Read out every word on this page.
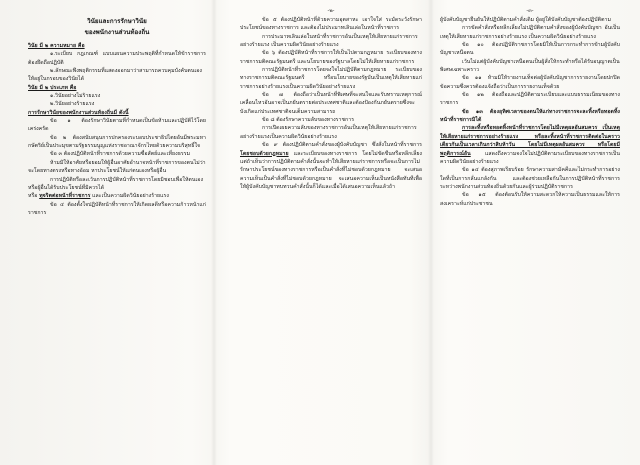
วินัยและการรักษาวินัย
ของพนักงานส่วนท้องถิ่น

วินัย มี ๒ ความหมาย คือ

๑.ระเบียบ กฎเกณฑ์ แบบแผนความประพฤติที่กำหนดให้ข้าราชการต้องยึดถือปฏิบัติ

๒.ลักษณะพึงพฤติกรรมที่แสดงออกมาว่าสามารถควบคุมบังคับตนเองให้อยู่ในกรอบของวินัยได้

วินัย มี ๒ ประเภท คือ

๑.วินัยอย่างไม่ร้ายแรง

๒.วินัยอย่างร้ายแรง

การรักษาวินัยของพนักงานส่วนท้องถิ่นมี ดังนี้

ข้อ ๑ ต้องรักษาวินัยตามที่กำหนดเป็นข้อห้ามและปฏิบัติไว้โดยเคร่งครัด

ข้อ ๒ ต้องสนับสนุนการปกครองระบอบประชาธิปไตยอันมีพระมหากษัตริย์เป็นประมุขตามรัฐธรรมนูญแห่งราชอาณาจักรไทยด้วยความบริสุทธิ์ใจ

ข้อ ๓ ต้องปฏิบัติหน้าที่ราชการด้วยความซื่อสัตย์และเที่ยงธรรม

ห้ามมิให้อาศัยหรือยอมให้ผู้อื่นอาศัยอำนาจหน้าที่ราชการของตนไม่ว่าจะโดยทางตรงหรือทางอ้อม หาประโยชน์ให้แก่ตนเองหรือผู้อื่น

การปฏิบัติหรือละเว้นการปฏิบัติหน้าที่ราชการโดยมิชอบเพื่อให้ตนเองหรือผู้อื่นได้รับประโยชน์ที่มิควรได้

หรือ ทุจริตต่อหน้าที่ราชการ และเป็นความผิดวินัยอย่างร้ายแรง

ข้อ ๔ ต้องตั้งใจปฏิบัติหน้าที่ราชการให้เกิดผลดีหรือความก้าวหน้าแก่ราชการ

-๒-

ข้อ ๕ ต้องปฏิบัติหน้าที่ด้วยความอุตสาหะ เอาใจใส่ ระมัดระวังรักษาประโยชน์ของทางราชการ และต้องไม่ประมาทเลินเล่อในหน้าที่ราชการ

การประมาทเลินเล่อในหน้าที่ราชการอันเป็นเหตุให้เสียหายแก่ราชการอย่างร้ายแรง เป็นความผิดวินัยอย่างร้ายแรง

ข้อ ๖ ต้องปฏิบัติหน้าที่ราชการให้เป็นไปตามกฎหมาย ระเบียบของทางราชการมติคณะรัฐมนตรี และนโยบายของรัฐบาลโดยไม่ให้เสียหายแก่ราชการ

การปฏิบัติหน้าที่ราชการโดยจงใจไม่ปฏิบัติตามกฎหมาย ระเบียบของทางราชการมติคณะรัฐมนตรี หรือนโยบายของรัฐบันเป็นเหตุให้เสียหายแก่ราชการอย่างร้ายแรงเป็นความผิดวินัยอย่างร้ายแรง

ข้อ ๗ ต้องถือว่าเป็นหน้าที่พิเศษที่จะสนใจและรับทราบเหตุการณ์เคลื่อนไหวอันอาจเป็นภยันตรายต่อประเทศชาติและต้องป้องกันภยันตรายซึ่งจะบังเกิดแก่ประเทศชาติจนเต็มความสามารถ

ข้อ ๘ ต้องรักษาความลับของทางราชการ

การเปิดเผยความลับของทางราชการอันเป็นเหตุให้เสียหายแก่ราชการอย่างร้ายแรงเป็นความผิดวินัยอย่างร้ายแรง

ข้อ ๙ ต้องปฏิบัติตามคำสั่งของผู้บังคับบัญชา ซึ่งสั่งในหน้าที่ราชการ โดยชอบด้วยกฎหมาย และระเบียบของทางราชการ โดยไม่ขัดขืนหรือหลีกเลี่ยง แต่ถ้าเห็นว่าการปฏิบัติตามคำสั่งนั้นจะทำให้เสียหายแก่ราชการหรือจะเป็นการไม่รักษาประโยชน์ของทางราชการหรือเป็นคำสั่งที่ไม่ชอบด้วยกฎหมาย จะเสนอความเห็นเป็นคำสั่งที่ไม่ชอบด้วยกฎหมาย จะเสนอความเห็นเป็นหนังสือทันทีเพื่อให้ผู้บังคับบัญชาทบทวนคำสั่งนั้นก็ได้และเมื่อได้เสนอความเห็นแล้วถ้า

-๓-

ผู้บังคับบัญชายืนยันให้ปฏิบัติตามคำสั่งเดิม ผู้อยู่ใต้บังคับบัญชาต้องปฏิบัติตาม

การขัดคำสั่งหรือหลีกเลี่ยงไม่ปฏิบัติตามคำสั่งของผู้บังคับบัญชา อันเป็นเหตุให้เสียหายแก่ราชการอย่างร้ายแรง เป็นความผิดวินัยอย่างร้ายแรง

ข้อ ๑๐ ต้องปฏิบัติราชการโดยมิให้เป็นการกระทำการข้ามผู้บังคับบัญชาเหนือตน

เว้นไม่แต่ผู้บังคับบัญชาเหนือตนเป็นผู้สั่งให้กระทำหรือได้รับอนุญาตเป็นพิเศษเฉพาะคราว

ข้อ ๑๑ ห้ามมิให้รายงานเท็จต่อผู้บังคับบัญชาการรายงานโดยปกปิดข้อความซึ่งควรต้องแจ้งถือว่าเป็นการรายงานเท็จด้วย

ข้อ ๑๒ ต้องถือและปฏิบัติตามระเบียบและแบบธรรมเนียมของทางราชการ

ข้อ ๑๓ ต้องอุทิศเวลาของตนให้แก่ทางราชการจะละทิ้งหรือทอดทิ้งหน้าที่ราชการมิได้

การละทิ้งหรือทอดทิ้งหน้าที่ราชการโดยไม่มีเหตุผลอันสมควร เป็นเหตุให้เสียหายแก่ราชการอย่างร้ายแรง หรือละทิ้งหน้าที่ราชการติดต่อในคราวเดียวกันเป็นเวลาเกินกว่าสิบห้าวัน โดยไม่มีเหตุผลอันสมควร หรือโดยมีพฤติการณ์อัน	แสดงถึงความจงใจไม่ปฏิบัติตามระเบียบของทางราชการเป็นความผิดวินัยอย่างร้ายแรง

ข้อ ๑๔ ต้องสุภาพเรียบร้อย รักษาความสามัคคีและไม่กระทำการอย่างใดที่เป็นการกลั่นแกล้งกัน และต้องช่วยเหลือกันในการปฏิบัติหน้าที่ราชการระหว่างพนักงานส่วนท้องถิ่นด้วยกันและผู้ร่วมปฏิบัติราชการ

ข้อ ๑๕ ต้องต้อนรับให้ความสะดวกให้ความเป็นธรรมและให้การสงเคราะห์แก่ประชาชน
